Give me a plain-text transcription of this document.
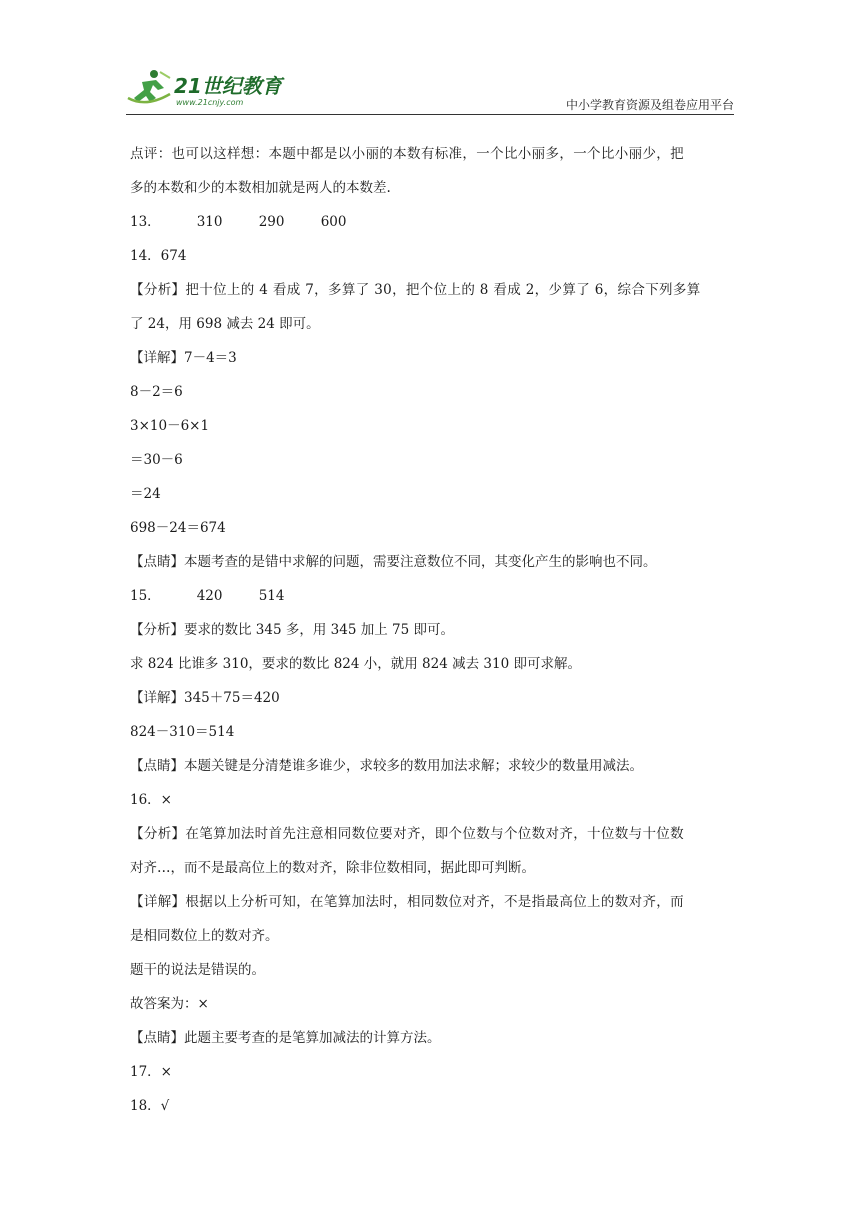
21世纪教育
www.21cnjy.com	中小学教育资源及组卷应用平台
点评：也可以这样想：本题中都是以小丽的本数有标准，一个比小丽多，一个比小丽少，把
多的本数和少的本数相加就是两人的本数差.
13．	310	290	600
14．674
【分析】把十位上的 4 看成 7，多算了 30，把个位上的 8 看成 2，少算了 6，综合下列多算
了 24，用 698 减去 24 即可。
【详解】7－4＝3
8－2＝6
3×10－6×1
＝30－6
＝24
698－24＝674
【点睛】本题考查的是错中求解的问题，需要注意数位不同，其变化产生的影响也不同。
15．	420	514
【分析】要求的数比 345 多，用 345 加上 75 即可。
求 824 比谁多 310，要求的数比 824 小，就用 824 减去 310 即可求解。
【详解】345＋75＝420
824－310＝514
【点睛】本题关键是分清楚谁多谁少，求较多的数用加法求解；求较少的数量用减法。
16．×
【分析】在笔算加法时首先注意相同数位要对齐，即个位数与个位数对齐，十位数与十位数
对齐…，而不是最高位上的数对齐，除非位数相同，据此即可判断。
【详解】根据以上分析可知，在笔算加法时，相同数位对齐，不是指最高位上的数对齐，而
是相同数位上的数对齐。
题干的说法是错误的。
故答案为：×
【点睛】此题主要考查的是笔算加减法的计算方法。
17．×
18．√
